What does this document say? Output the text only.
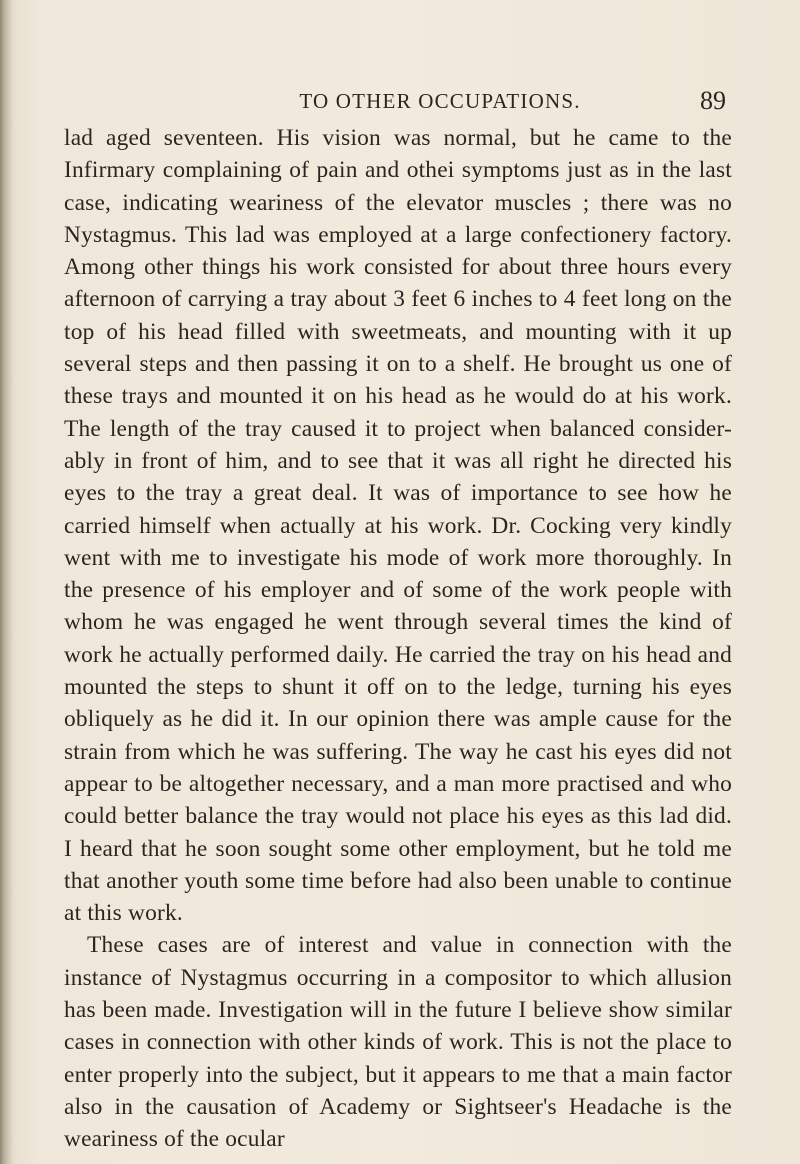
TO OTHER OCCUPATIONS.	89

lad aged seventeen. His vision was normal, but he came to the Infirmary complaining of pain and othei symptoms just as in the last case, indicating weariness of the elevator muscles ; there was no Nystagmus. This lad was employed at a large confectionery factory. Among other things his work consisted for about three hours every afternoon of carrying a tray about 3 feet 6 inches to 4 feet long on the top of his head filled with sweetmeats, and mounting with it up several steps and then passing it on to a shelf. He brought us one of these trays and mounted it on his head as he would do at his work. The length of the tray caused it to project when balanced consider-ably in front of him, and to see that it was all right he directed his eyes to the tray a great deal. It was of importance to see how he carried himself when actually at his work. Dr. Cocking very kindly went with me to investigate his mode of work more thoroughly. In the presence of his employer and of some of the work people with whom he was engaged he went through several times the kind of work he actually performed daily. He carried the tray on his head and mounted the steps to shunt it off on to the ledge, turning his eyes obliquely as he did it. In our opinion there was ample cause for the strain from which he was suffering. The way he cast his eyes did not appear to be altogether necessary, and a man more practised and who could better balance the tray would not place his eyes as this lad did. I heard that he soon sought some other employment, but he told me that another youth some time before had also been unable to continue at this work.

These cases are of interest and value in connection with the instance of Nystagmus occurring in a compositor to which allusion has been made. Investigation will in the future I believe show similar cases in connection with other kinds of work. This is not the place to enter properly into the subject, but it appears to me that a main factor also in the causation of Academy or Sightseer's Headache is the weariness of the ocular
